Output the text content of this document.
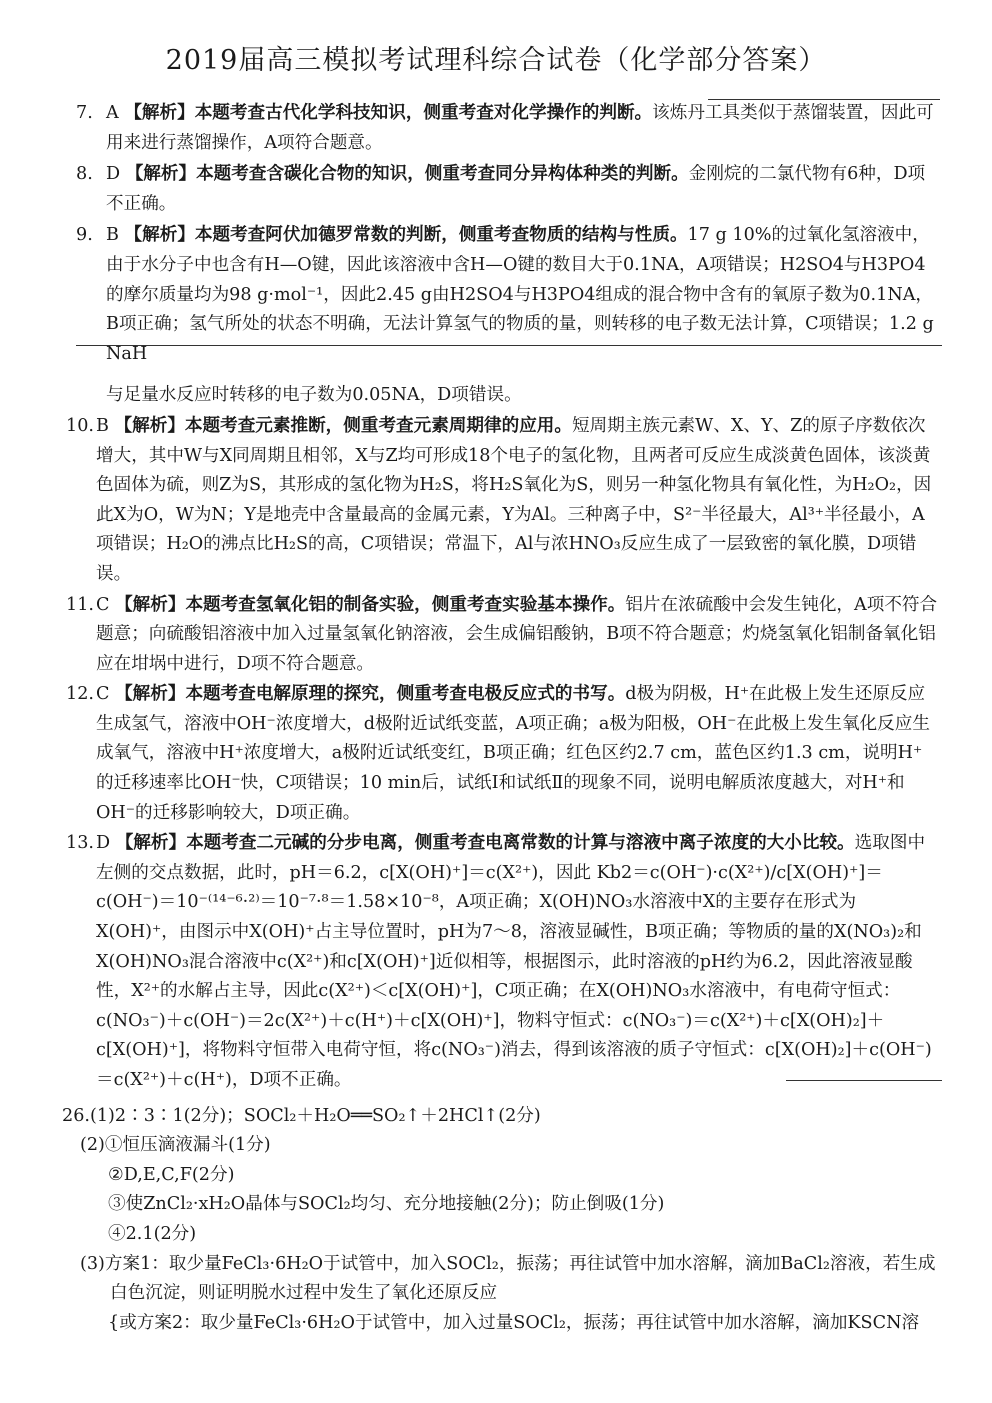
2019届高三模拟考试理科综合试卷（化学部分答案）

7. A 【解析】本题考查古代化学科技知识，侧重考查对化学操作的判断。该炼丹工具类似于蒸馏装置，因此可用来进行蒸馏操作，A项符合题意。

8. D 【解析】本题考查含碳化合物的知识，侧重考查同分异构体种类的判断。金刚烷的二氯代物有6种，D项不正确。

9. B 【解析】本题考查阿伏加德罗常数的判断，侧重考查物质的结构与性质。17 g 10%的过氧化氢溶液中，由于水分子中也含有H—O键，因此该溶液中含H—O键的数目大于0.1NA，A项错误；H2SO4与H3PO4的摩尔质量均为98 g·mol⁻¹，因此2.45 g由H2SO4与H3PO4组成的混合物中含有的氧原子数为0.1NA，B项正确；氢气所处的状态不明确，无法计算氢气的物质的量，则转移的电子数无法计算，C项错误；1.2 g NaH

与足量水反应时转移的电子数为0.05NA，D项错误。

10. B 【解析】本题考查元素推断，侧重考查元素周期律的应用。短周期主族元素W、X、Y、Z的原子序数依次增大，其中W与X同周期且相邻，X与Z均可形成18个电子的氢化物，且两者可反应生成淡黄色固体，该淡黄色固体为硫，则Z为S，其形成的氢化物为H₂S，将H₂S氧化为S，则另一种氢化物具有氧化性，为H₂O₂，因此X为O，W为N；Y是地壳中含量最高的金属元素，Y为Al。三种离子中，S²⁻半径最大，Al³⁺半径最小，A项错误；H₂O的沸点比H₂S的高，C项错误；常温下，Al与浓HNO₃反应生成了一层致密的氧化膜，D项错误。

11. C 【解析】本题考查氢氧化铝的制备实验，侧重考查实验基本操作。铝片在浓硫酸中会发生钝化，A项不符合题意；向硫酸铝溶液中加入过量氢氧化钠溶液，会生成偏铝酸钠，B项不符合题意；灼烧氢氧化铝制备氧化铝应在坩埚中进行，D项不符合题意。

12. C 【解析】本题考查电解原理的探究，侧重考查电极反应式的书写。d极为阴极，H⁺在此极上发生还原反应生成氢气，溶液中OH⁻浓度增大，d极附近试纸变蓝，A项正确；a极为阳极，OH⁻在此极上发生氧化反应生成氧气，溶液中H⁺浓度增大，a极附近试纸变红，B项正确；红色区约2.7 cm，蓝色区约1.3 cm，说明H⁺的迁移速率比OH⁻快，C项错误；10 min后，试纸Ⅰ和试纸Ⅱ的现象不同，说明电解质浓度越大，对H⁺和OH⁻的迁移影响较大，D项正确。

13. D 【解析】本题考查二元碱的分步电离，侧重考查电离常数的计算与溶液中离子浓度的大小比较。选取图中左侧的交点数据，此时，pH＝6.2，c[X(OH)⁺]＝c(X²⁺)，因此 Kb2＝c(OH⁻)·c(X²⁺)/c[X(OH)⁺]＝c(OH⁻)＝10⁻⁽¹⁴⁻⁶·²⁾＝10⁻⁷·⁸＝1.58×10⁻⁸，A项正确；X(OH)NO₃水溶液中X的主要存在形式为X(OH)⁺，由图示中X(OH)⁺占主导位置时，pH为7～8，溶液显碱性，B项正确；等物质的量的X(NO₃)₂和X(OH)NO₃混合溶液中c(X²⁺)和c[X(OH)⁺]近似相等，根据图示，此时溶液的pH约为6.2，因此溶液显酸性，X²⁺的水解占主导，因此c(X²⁺)＜c[X(OH)⁺]，C项正确；在X(OH)NO₃水溶液中，有电荷守恒式：c(NO₃⁻)＋c(OH⁻)＝2c(X²⁺)＋c(H⁺)＋c[X(OH)⁺]，物料守恒式：c(NO₃⁻)＝c(X²⁺)＋c[X(OH)₂]＋c[X(OH)⁺]，将物料守恒带入电荷守恒，将c(NO₃⁻)消去，得到该溶液的质子守恒式：c[X(OH)₂]＋c(OH⁻)＝c(X²⁺)＋c(H⁺)，D项不正确。

26.(1)2∶3∶1(2分)；SOCl₂＋H₂O══SO₂↑＋2HCl↑(2分)
(2)①恒压滴液漏斗(1分)
②D,E,C,F(2分)
③使ZnCl₂·xH₂O晶体与SOCl₂均匀、充分地接触(2分)；防止倒吸(1分)
④2.1(2分)
(3)方案1：取少量FeCl₃·6H₂O于试管中，加入SOCl₂，振荡；再往试管中加水溶解，滴加BaCl₂溶液，若生成白色沉淀，则证明脱水过程中发生了氧化还原反应
{或方案2：取少量FeCl₃·6H₂O于试管中，加入过量SOCl₂，振荡；再往试管中加水溶解，滴加KSCN溶
